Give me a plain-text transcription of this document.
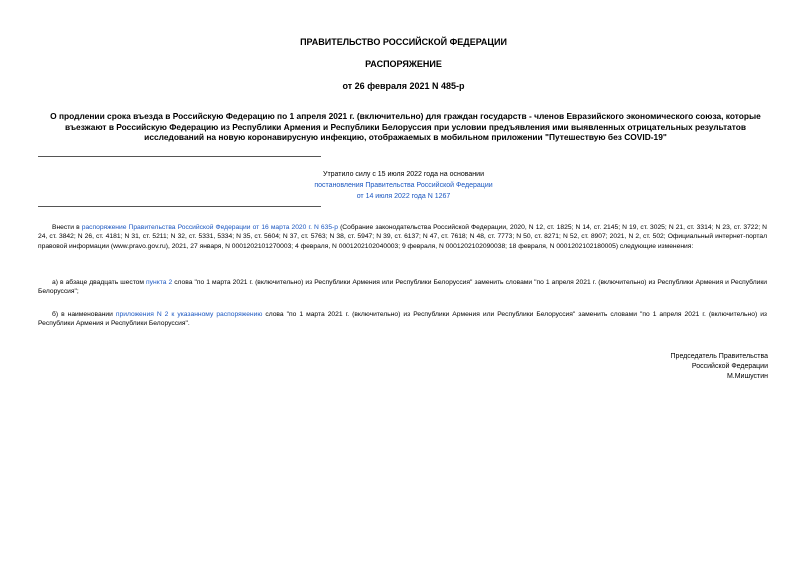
ПРАВИТЕЛЬСТВО РОССИЙСКОЙ ФЕДЕРАЦИИ
РАСПОРЯЖЕНИЕ
от 26 февраля 2021 N 485-р
О продлении срока въезда в Российскую Федерацию по 1 апреля 2021 г. (включительно) для граждан государств - членов Евразийского экономического союза, которые въезжают в Российскую Федерацию из Республики Армения и Республики Белоруссия при условии предъявления ими выявленных отрицательных результатов исследований на новую коронавирусную инфекцию, отображаемых в мобильном приложении "Путешествую без COVID-19"
Утратило силу с 15 июля 2022 года на основании
постановления Правительства Российской Федерации
от 14 июля 2022 года N 1267
Внести в распоряжение Правительства Российской Федерации от 16 марта 2020 г. N 635-р (Собрание законодательства Российской Федерации, 2020, N 12, ст. 1825; N 14, ст. 2145; N 19, ст. 3025; N 21, ст. 3314; N 23, ст. 3722; N 24, ст. 3842; N 26, ст. 4181; N 31, ст. 5211; N 32, ст. 5331, 5334; N 35, ст. 5604; N 37, ст. 5763; N 38, ст. 5947; N 39, ст. 6137; N 47, ст. 7618; N 48, ст. 7773; N 50, ст. 8271; N 52, ст. 8907; 2021, N 2, ст. 502; Официальный интернет-портал правовой информации (www.pravo.gov.ru), 2021, 27 января, N 0001202101270003; 4 февраля, N 0001202102040003; 9 февраля, N 0001202102090038; 18 февраля, N 0001202102180005) следующие изменения:
а) в абзаце двадцать шестом пункта 2 слова "по 1 марта 2021 г. (включительно) из Республики Армения или Республики Белоруссия" заменить словами "по 1 апреля 2021 г. (включительно) из Республики Армения и Республики Белоруссия";
б) в наименовании приложения N 2 к указанному распоряжению слова "по 1 марта 2021 г. (включительно) из Республики Армения или Республики Белоруссия" заменить словами "по 1 апреля 2021 г. (включительно) из Республики Армения и Республики Белоруссия".
Председатель Правительства
Российской Федерации
М.Мишустин
